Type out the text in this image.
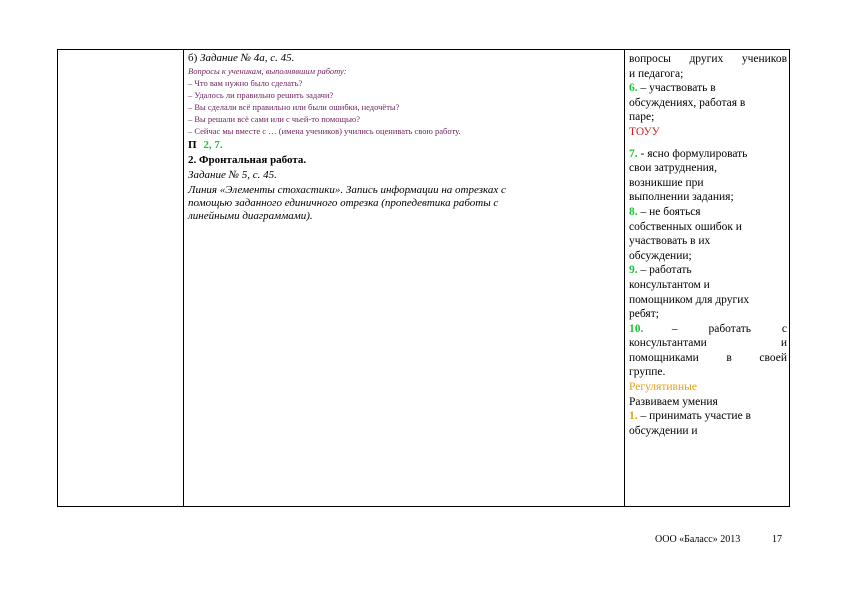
б) Задание № 4а, с. 45.
Вопросы к ученикам, выполнявшим работу:
– Что вам нужно было сделать?
– Удалось ли правильно решить задачи?
– Вы сделали всё правильно или были ошибки, недочёты?
– Вы решали всё сами или с чьей-то помощью?
– Сейчас мы вместе с … (имена учеников) учились оценивать свою работу.
П 2, 7.
2. Фронтальная работа.
Задание № 5, с. 45.
Линия «Элементы стохастики». Запись информации на отрезках с
помощью заданного единичного отрезка (пропедевтика работы с
линейными диаграммами).
вопросы других учеников
и педагога;
6. – участвовать в
обсуждениях, работая в
паре;
ТОУУ
7. - ясно формулировать
свои затруднения,
возникшие при
выполнении задания;
8. – не бояться
собственных ошибок и
участвовать в их
обсуждении;
9. – работать
консультантом и
помощником для других
ребят;
10. – работать с
консультантами и
помощниками в своей
группе.
Регулятивные
Развиваем умения
1. – принимать участие в
обсуждении и
ООО «Баласс» 2013	17
